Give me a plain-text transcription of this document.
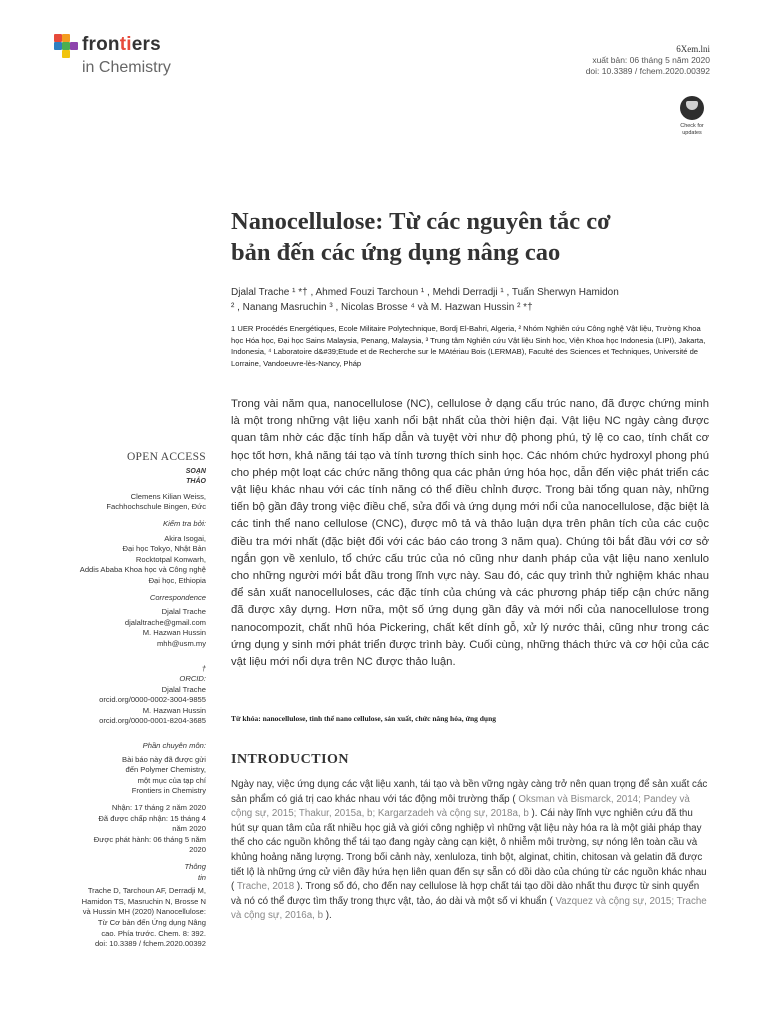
frontiers
in Chemistry
6Xem.lni
xuất bản: 06 tháng 5 năm 2020
doi: 10.3389 / fchem.2020.00392
Check for
updates
Nanocellulose: Từ các nguyên tắc cơ
bản đến các ứng dụng nâng cao
Djalal Trache ¹ *† , Ahmed Fouzi Tarchoun ¹ , Mehdi Derradji ¹ , Tuấn Sherwyn Hamidon
² , Nanang Masruchin ³ , Nicolas Brosse ⁴ và M. Hazwan Hussin ² *†
1 UER Procédés Energétiques, Ecole Militaire Polytechnique, Bordj El-Bahri, Algeria, ² Nhóm Nghiên cứu Công nghệ Vật liệu, Trường Khoa học Hóa học, Đại học Sains Malaysia, Penang, Malaysia, ³ Trung tâm Nghiên cứu Vật liệu Sinh học, Viện Khoa học Indonesia (LIPI), Jakarta, Indonesia, ⁴ Laboratoire d&#39;Etude et de Recherche sur le MAtériau Bois (LERMAB), Faculté des Sciences et Techniques, Université de Lorraine, Vandoeuvre-lès-Nancy, Pháp
Trong vài năm qua, nanocellulose (NC), cellulose ở dạng cấu trúc nano, đã được chứng minh là một trong những vật liệu xanh nổi bật nhất của thời hiện đại. Vật liệu NC ngày càng được quan tâm nhờ các đặc tính hấp dẫn và tuyệt vời như độ phong phú, tỷ lệ co cao, tính chất cơ học tốt hơn, khả năng tái tạo và tính tương thích sinh học. Các nhóm chức hydroxyl phong phú cho phép một loạt các chức năng thông qua các phản ứng hóa học, dẫn đến việc phát triển các vật liệu khác nhau với các tính năng có thể điều chỉnh được. Trong bài tổng quan này, những tiến bộ gần đây trong việc điều chế, sửa đổi và ứng dụng mới nổi của nanocellulose, đặc biệt là các tinh thể nano cellulose (CNC), được mô tả và thảo luận dựa trên phân tích của các cuộc điều tra mới nhất (đặc biệt đối với các báo cáo trong 3 năm qua). Chúng tôi bắt đầu với cơ sở ngắn gọn về xenlulo, tổ chức cấu trúc của nó cũng như danh pháp của vật liệu nano xenlulo cho những người mới bắt đầu trong lĩnh vực này. Sau đó, các quy trình thử nghiệm khác nhau để sản xuất nanocelluloses, các đặc tính của chúng và các phương pháp tiếp cận chức năng đã được xây dựng. Hơn nữa, một số ứng dụng gần đây và mới nổi của nanocellulose trong nanocompozit, chất nhũ hóa Pickering, chất kết dính gỗ, xử lý nước thải, cũng như trong các ứng dụng y sinh mới phát triển được trình bày. Cuối cùng, những thách thức và cơ hội của các vật liệu mới nổi dựa trên NC được thảo luận.
Từ khóa: nanocellulose, tinh thể nano cellulose, sản xuất, chức năng hóa, ứng dụng
INTRODUCTION
Ngày nay, việc ứng dụng các vật liệu xanh, tái tạo và bền vững ngày càng trở nên quan trọng để sản xuất các sản phẩm có giá trị cao khác nhau với tác động môi trường thấp ( Oksman và Bismarck, 2014; Pandey và cộng sự, 2015; Thakur, 2015a, b; Kargarzadeh và cộng sự, 2018a, b ). Cái này lĩnh vực nghiên cứu đã thu hút sự quan tâm của rất nhiều học giả và giới công nghiệp vì những vật liệu này hóa ra là một giải pháp thay thế cho các nguồn không thể tái tạo đang ngày càng cạn kiệt, ô nhiễm môi trường, sự nóng lên toàn cầu và khủng hoảng năng lượng. Trong bối cảnh này, xenluloza, tinh bột, alginat, chitin, chitosan và gelatin đã được tiết lộ là những ứng cử viên đầy hứa hẹn liên quan đến sự sẵn có dồi dào của chúng từ các nguồn khác nhau ( Trache, 2018 ). Trong số đó, cho đến nay cellulose là hợp chất tái tạo dồi dào nhất thu được từ sinh quyển và nó có thể được tìm thấy trong thực vật, tảo, áo dài và một số vi khuẩn ( Vazquez và cộng sự, 2015; Trache và cộng sự, 2016a, b ).
OPEN ACCESS
SOẠN
THẢO
Clemens Kilian Weiss,
Fachhochschule Bingen, Đức
Kiểm tra bởi:
Akira Isogai,
Đại học Tokyo, Nhật Bản
Rocktotpal Konwarh,
Addis Ababa Khoa học và Công nghệ
Đại học, Ethiopia
Correspondence
Djalal Trache
djalaltrache@gmail.com
M. Hazwan Hussin
mhh@usm.my
†
ORCID:
Djalal Trache
orcid.org/0000-0002-3004-9855
M. Hazwan Hussin
orcid.org/0000-0001-8204-3685
Phần chuyên môn:
Bài báo này đã được gửi
đến Polymer Chemistry,
một mục của tạp chí
Frontiers in Chemistry
Nhận: 17 tháng 2 năm 2020
Đã được chấp nhận: 15 tháng 4
năm 2020
Được phát hành: 06 tháng 5 năm
2020
Thông
tin
Trache D, Tarchoun AF, Derradji M,
Hamidon TS, Masruchin N, Brosse N
và Hussin MH (2020) Nanocellulose:
Từ Cơ bản đến Ứng dụng Nâng
cao. Phía trước. Chem. 8: 392.
doi: 10.3389 / fchem.2020.00392
